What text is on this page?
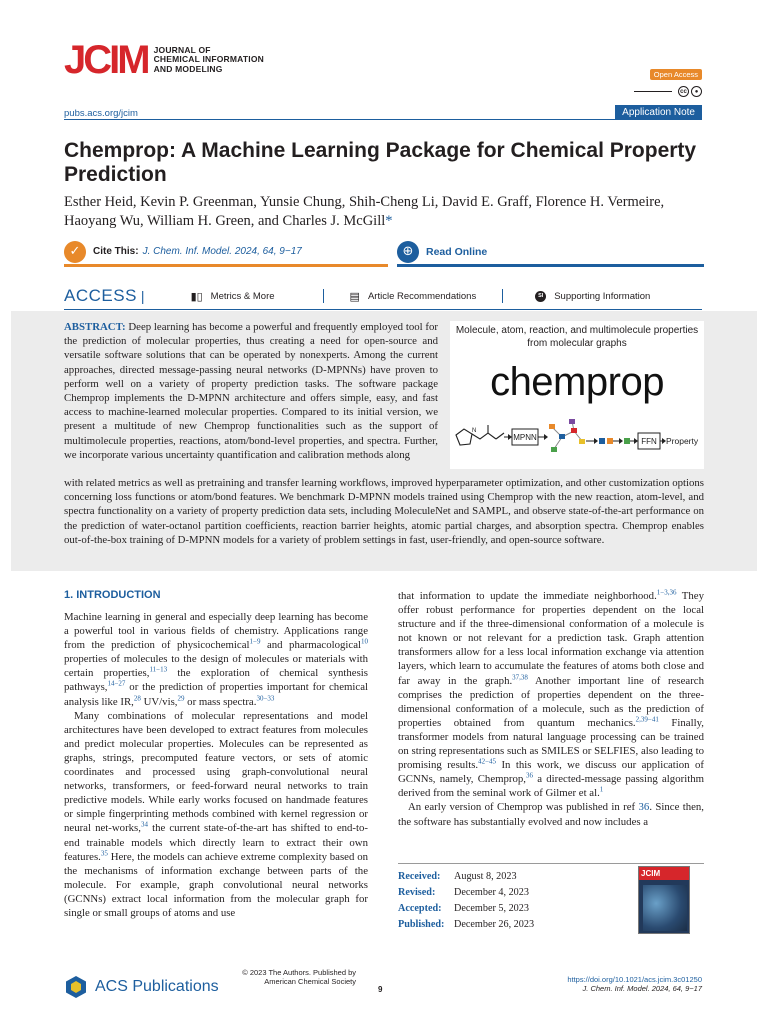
JCIM JOURNAL OF
CHEMICAL INFORMATION
AND MODELING
Open Access
cc	●
pubs.acs.org/jcim	Application Note
Chemprop: A Machine Learning Package for Chemical Property Prediction
Esther Heid, Kevin P. Greenman, Yunsie Chung, Shih-Cheng Li, David E. Graff, Florence H. Vermeire, Haoyang Wu, William H. Green, and Charles J. McGill*
✓	Cite This: J. Chem. Inf. Model. 2024, 64, 9−17	⊕	Read Online
ACCESS |	▮▯ Metrics & More	▤ Article Recommendations	SI	Supporting Information

ABSTRACT: Deep learning has become a powerful and frequently employed tool for the prediction of molecular properties, thus creating a need for open-source and versatile software solutions that can be operated by nonexperts. Among the current approaches, directed message-passing neural networks (D-MPNNs) have proven to perform well on a variety of property prediction tasks. The software package Chemprop implements the D-MPNN architecture and offers simple, easy, and fast access to machine-learned molecular properties. Compared to its initial version, we present a multitude of new Chemprop functionalities such as the support of multimolecule properties, reactions, atom/bond-level properties, and spectra. Further, we incorporate various uncertainty quantification and calibration methods along

Molecule, atom, reaction, and multimolecule properties from molecular graphs
chemprop
N
MPNN	FFN Property

with related metrics as well as pretraining and transfer learning workflows, improved hyperparameter optimization, and other customization options concerning loss functions or atom/bond features. We benchmark D-MPNN models trained using Chemprop with the new reaction, atom-level, and spectra functionality on a variety of property prediction data sets, including MoleculeNet and SAMPL, and observe state-of-the-art performance on the prediction of water-octanol partition coefficients, reaction barrier heights, atomic partial charges, and absorption spectra. Chemprop enables out-of-the-box training of D-MPNN models for a variety of problem settings in fast, user-friendly, and open-source software.

1. INTRODUCTION

Machine learning in general and especially deep learning has become a powerful tool in various fields of chemistry. Applications range from the prediction of physicochemical$^{1-9}$ and pharmacological$^{10}$ properties of molecules to the design of molecules or materials with certain properties,$^{11-13}$ the exploration of chemical synthesis pathways,$^{14-27}$ or the prediction of properties important for chemical analysis like IR,$^{28}$ UV/vis,$^{29}$ or mass spectra.$^{30-33}$

Many combinations of molecular representations and model architectures have been developed to extract features from molecules and predict molecular properties. Molecules can be represented as graphs, strings, precomputed feature vectors, or sets of atomic coordinates and processed using graph-convolutional neural networks, transformers, or feed-forward neural networks to train predictive models. While early works focused on handmade features or simple fingerprinting methods combined with kernel regression or neural net-works,$^{34}$ the current state-of-the-art has shifted to end-to-end trainable models which directly learn to extract their own features.$^{35}$ Here, the models can achieve extreme complexity based on the mechanisms of information exchange between parts of the molecule. For example, graph convolutional neural networks (GCNNs) extract local information from the molecular graph for single or small groups of atoms and use

that information to update the immediate neighborhood.$^{1-3,36}$ They offer robust performance for properties dependent on the local structure and if the three-dimensional conformation of a molecule is not known or not relevant for a prediction task. Graph attention transformers allow for a less local information exchange via attention layers, which learn to accumulate the features of atoms both close and far away in the graph.$^{37,38}$ Another important line of research comprises the prediction of properties dependent on the three-dimensional conformation of a molecule, such as the prediction of properties obtained from quantum mechanics.$^{2,39-41}$ Finally, transformer models from natural language processing can be trained on string representations such as SMILES or SELFIES, also leading to promising results.$^{42-45}$ In this work, we discuss our application of GCNNs, namely, Chemprop,$^{36}$ a directed-message passing algorithm derived from the seminal work of Gilmer et al.$^1$

An early version of Chemprop was published in ref 36. Since then, the software has substantially evolved and now includes a

Received:	August 8, 2023
Revised:	December 4, 2023
Accepted:	December 5, 2023
Published: December 26, 2023
JCIM
ACS Publications
© 2023 The Authors. Published by
American Chemical Society
9
https://doi.org/10.1021/acs.jcim.3c01250
J. Chem. Inf. Model. 2024, 64, 9−17
